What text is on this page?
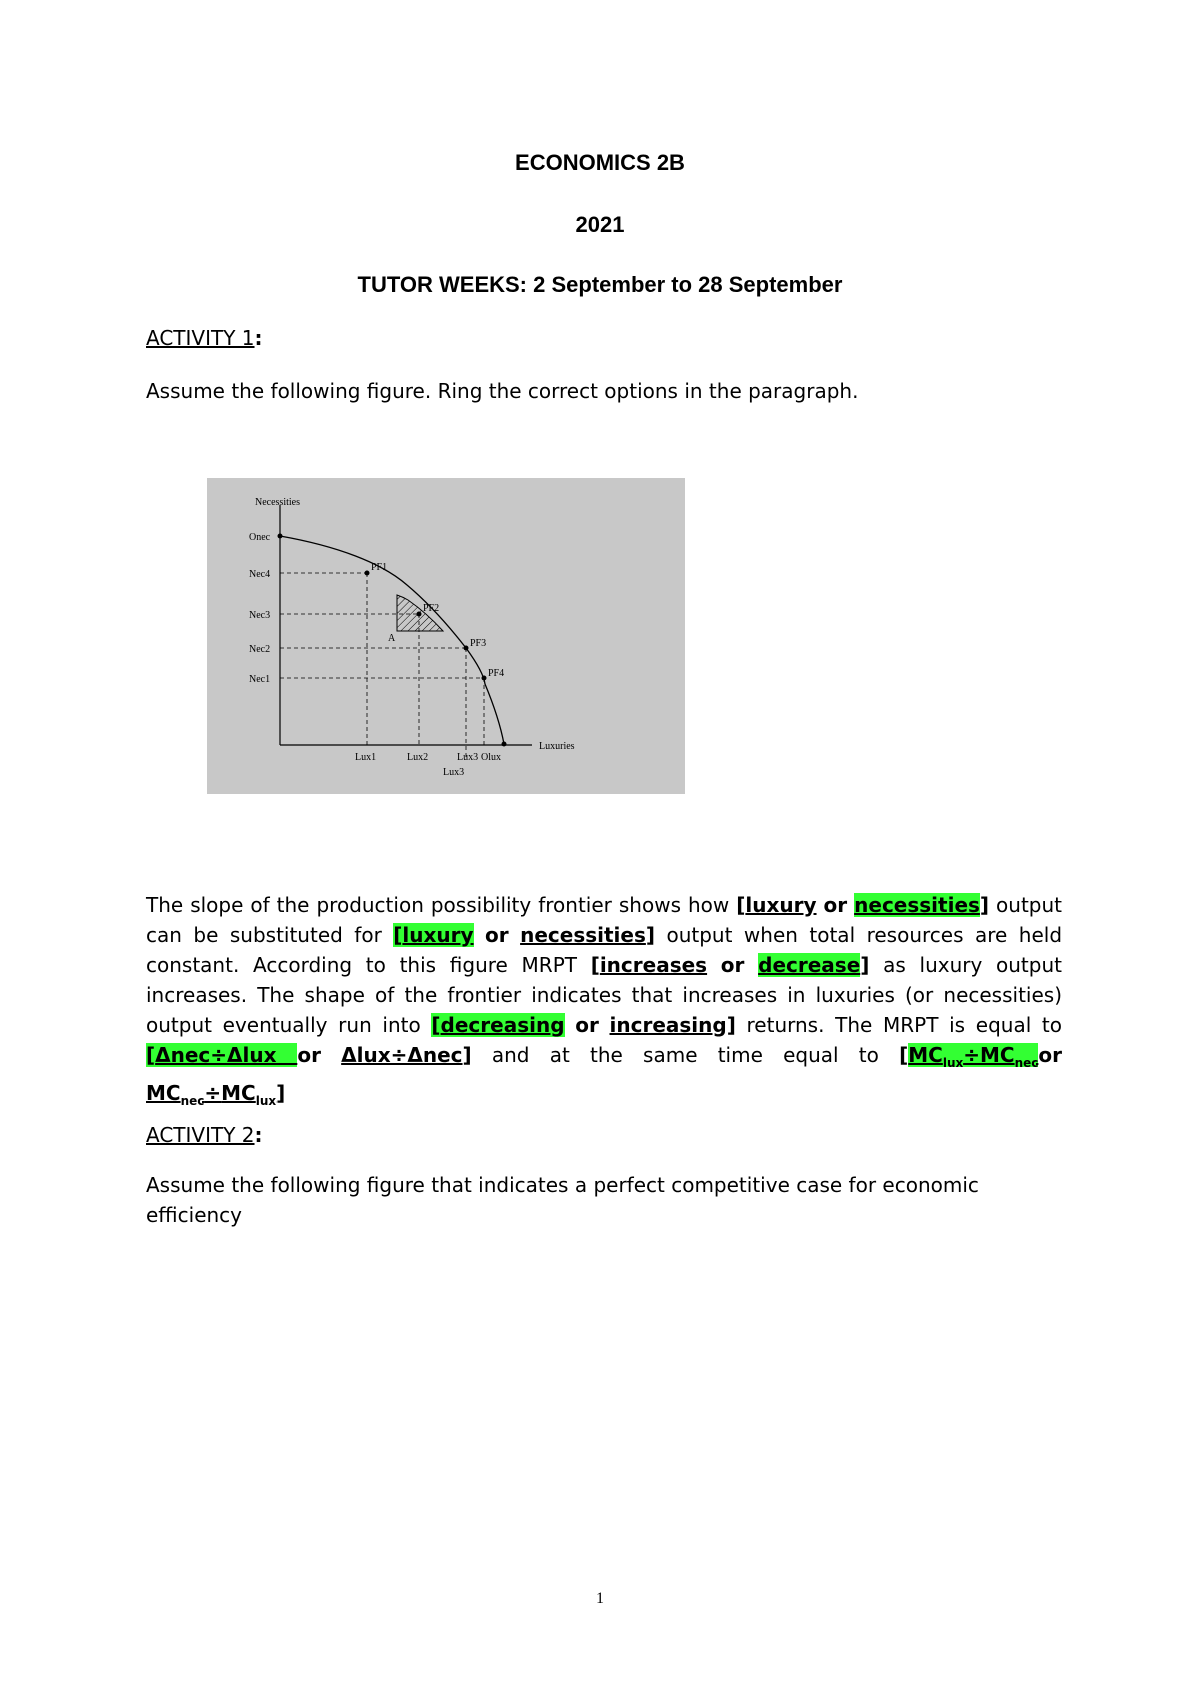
ECONOMICS 2B
2021
TUTOR WEEKS: 2 September to 28 September
ACTIVITY 1:
Assume the following figure. Ring the correct options in the paragraph.
Necessities
Luxuries
Onec
Nec4
Nec3
Nec2
Nec1
Lux1	Lux2	Lux3 Olux
Lux3
PF1
PF2
PF3
PF4
A
The slope of the production possibility frontier shows how [luxury or necessities] output can be substituted for [luxury or necessities] output when total resources are held constant. According to this figure MRPT [increases or decrease] as luxury output increases. The shape of the frontier indicates that increases in luxuries (or necessities) output eventually run into [decreasing or increasing] returns. The MRPT is equal to [Δnec÷Δlux or Δlux÷Δnec] and at the same time equal to [$MC_{lux}\div MC_{nec}or$ $MC_{nec}\div MC_{lux}$]
ACTIVITY 2:
Assume the following figure that indicates a perfect competitive case for economic efficiency
1
